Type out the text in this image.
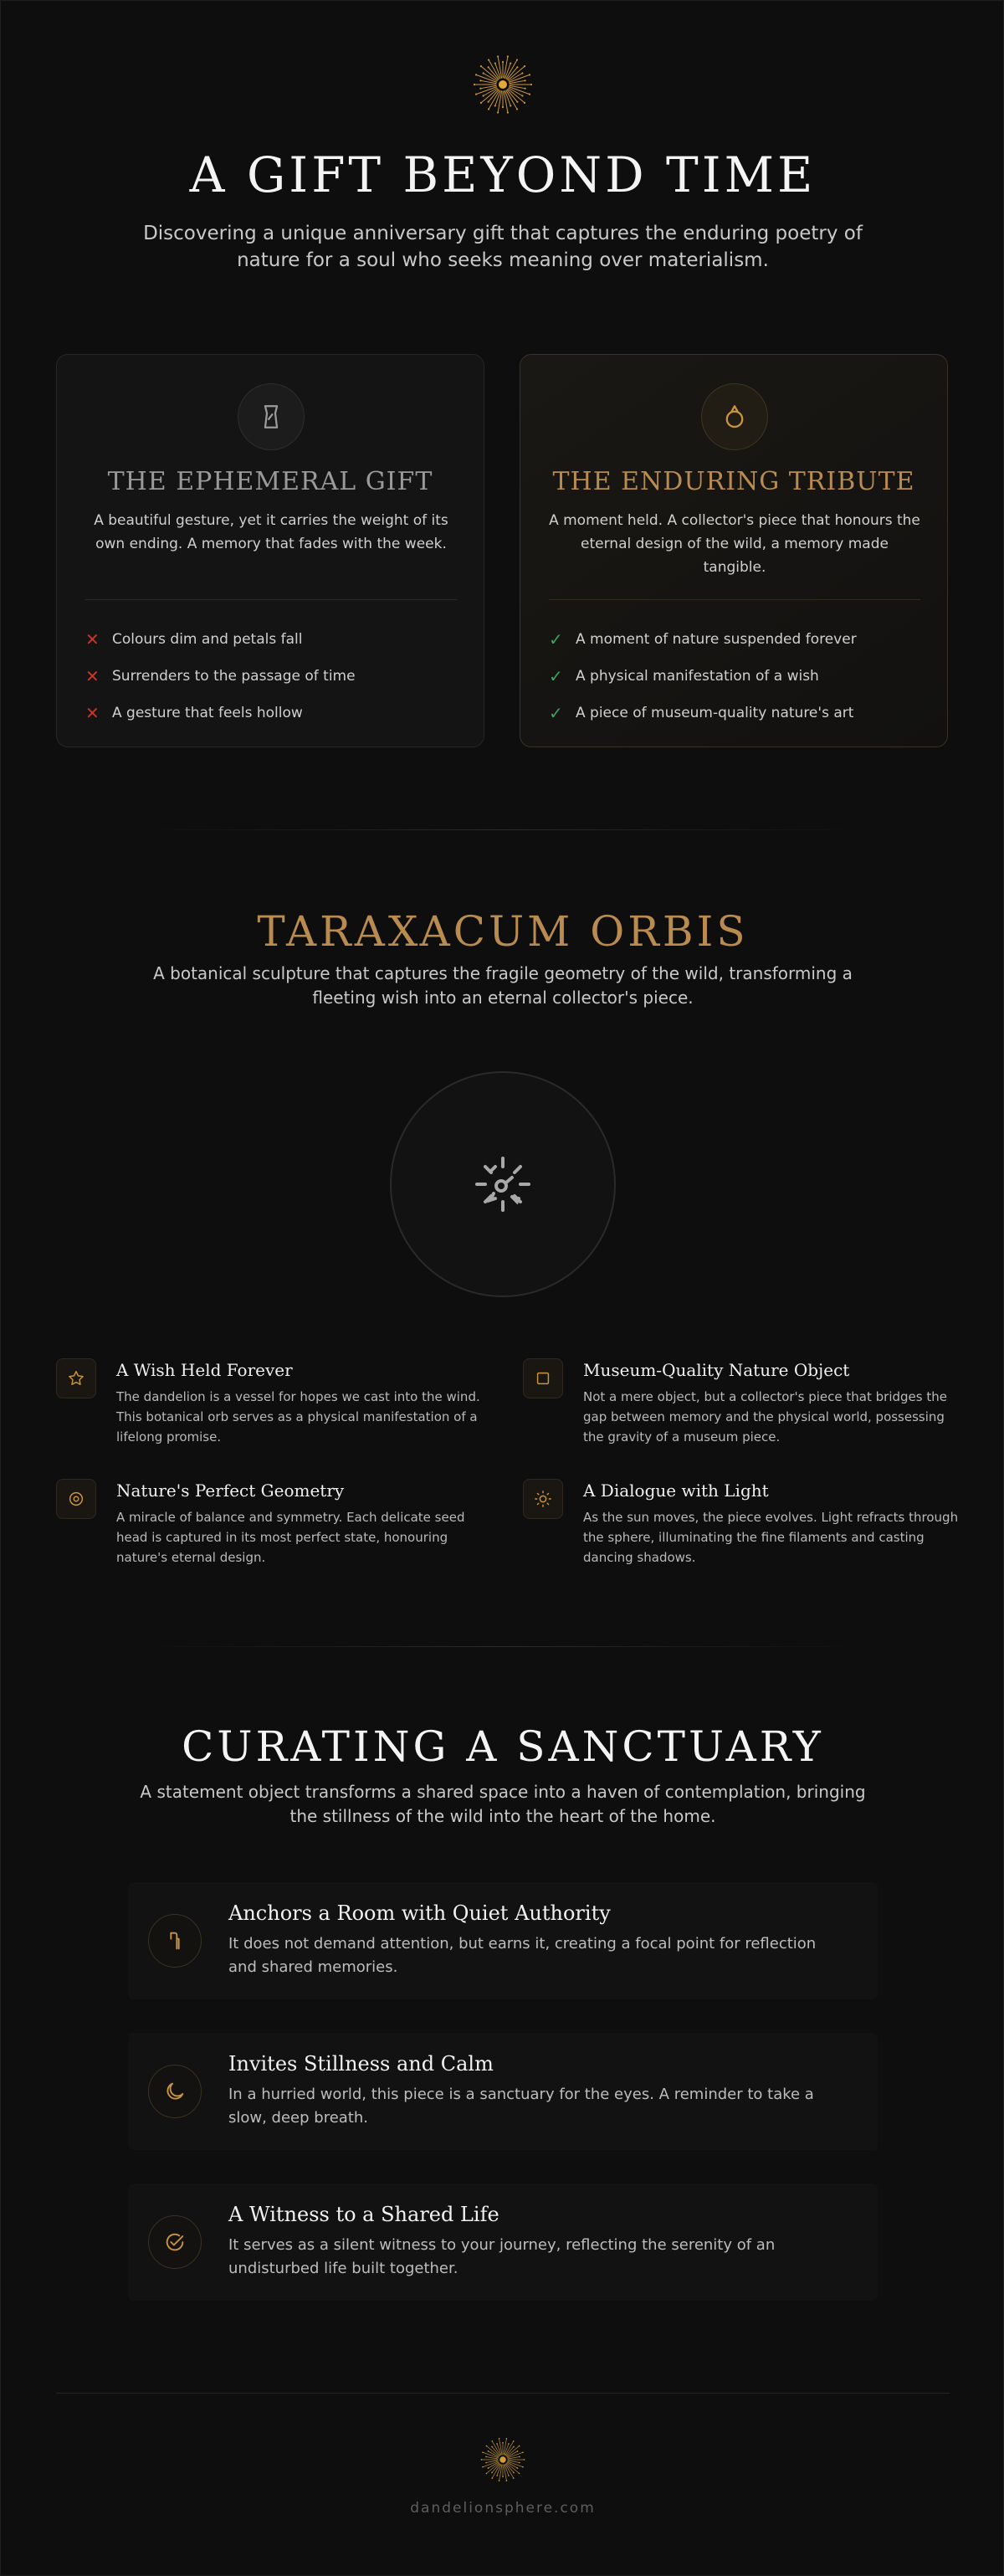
A GIFT BEYOND TIME

Discovering a unique anniversary gift that captures the enduring poetry of nature for a soul who seeks meaning over materialism.

THE EPHEMERAL GIFT

A beautiful gesture, yet it carries the weight of its own ending. A memory that fades with the week.

✕ Colours dim and petals fall
✕ Surrenders to the passage of time
✕ A gesture that feels hollow
THE ENDURING TRIBUTE

A moment held. A collector's piece that honours the eternal design of the wild, a memory made tangible.

✓ A moment of nature suspended forever
✓ A physical manifestation of a wish
✓ A piece of museum-quality nature's art
TARAXACUM ORBIS

A botanical sculpture that captures the fragile geometry of the wild, transforming a fleeting wish into an eternal collector's piece.

A Wish Held Forever

The dandelion is a vessel for hopes we cast into the wind. This botanical orb serves as a physical manifestation of a lifelong promise.

Museum-Quality Nature Object

Not a mere object, but a collector's piece that bridges the gap between memory and the physical world, possessing the gravity of a museum piece.

Nature's Perfect Geometry

A miracle of balance and symmetry. Each delicate seed head is captured in its most perfect state, honouring nature's eternal design.

A Dialogue with Light

As the sun moves, the piece evolves. Light refracts through the sphere, illuminating the fine filaments and casting dancing shadows.

CURATING A SANCTUARY

A statement object transforms a shared space into a haven of contemplation, bringing the stillness of the wild into the heart of the home.

Anchors a Room with Quiet Authority

It does not demand attention, but earns it, creating a focal point for reflection and shared memories.

Invites Stillness and Calm

In a hurried world, this piece is a sanctuary for the eyes. A reminder to take a slow, deep breath.

A Witness to a Shared Life

It serves as a silent witness to your journey, reflecting the serenity of an undisturbed life built together.

dandelionsphere.com
